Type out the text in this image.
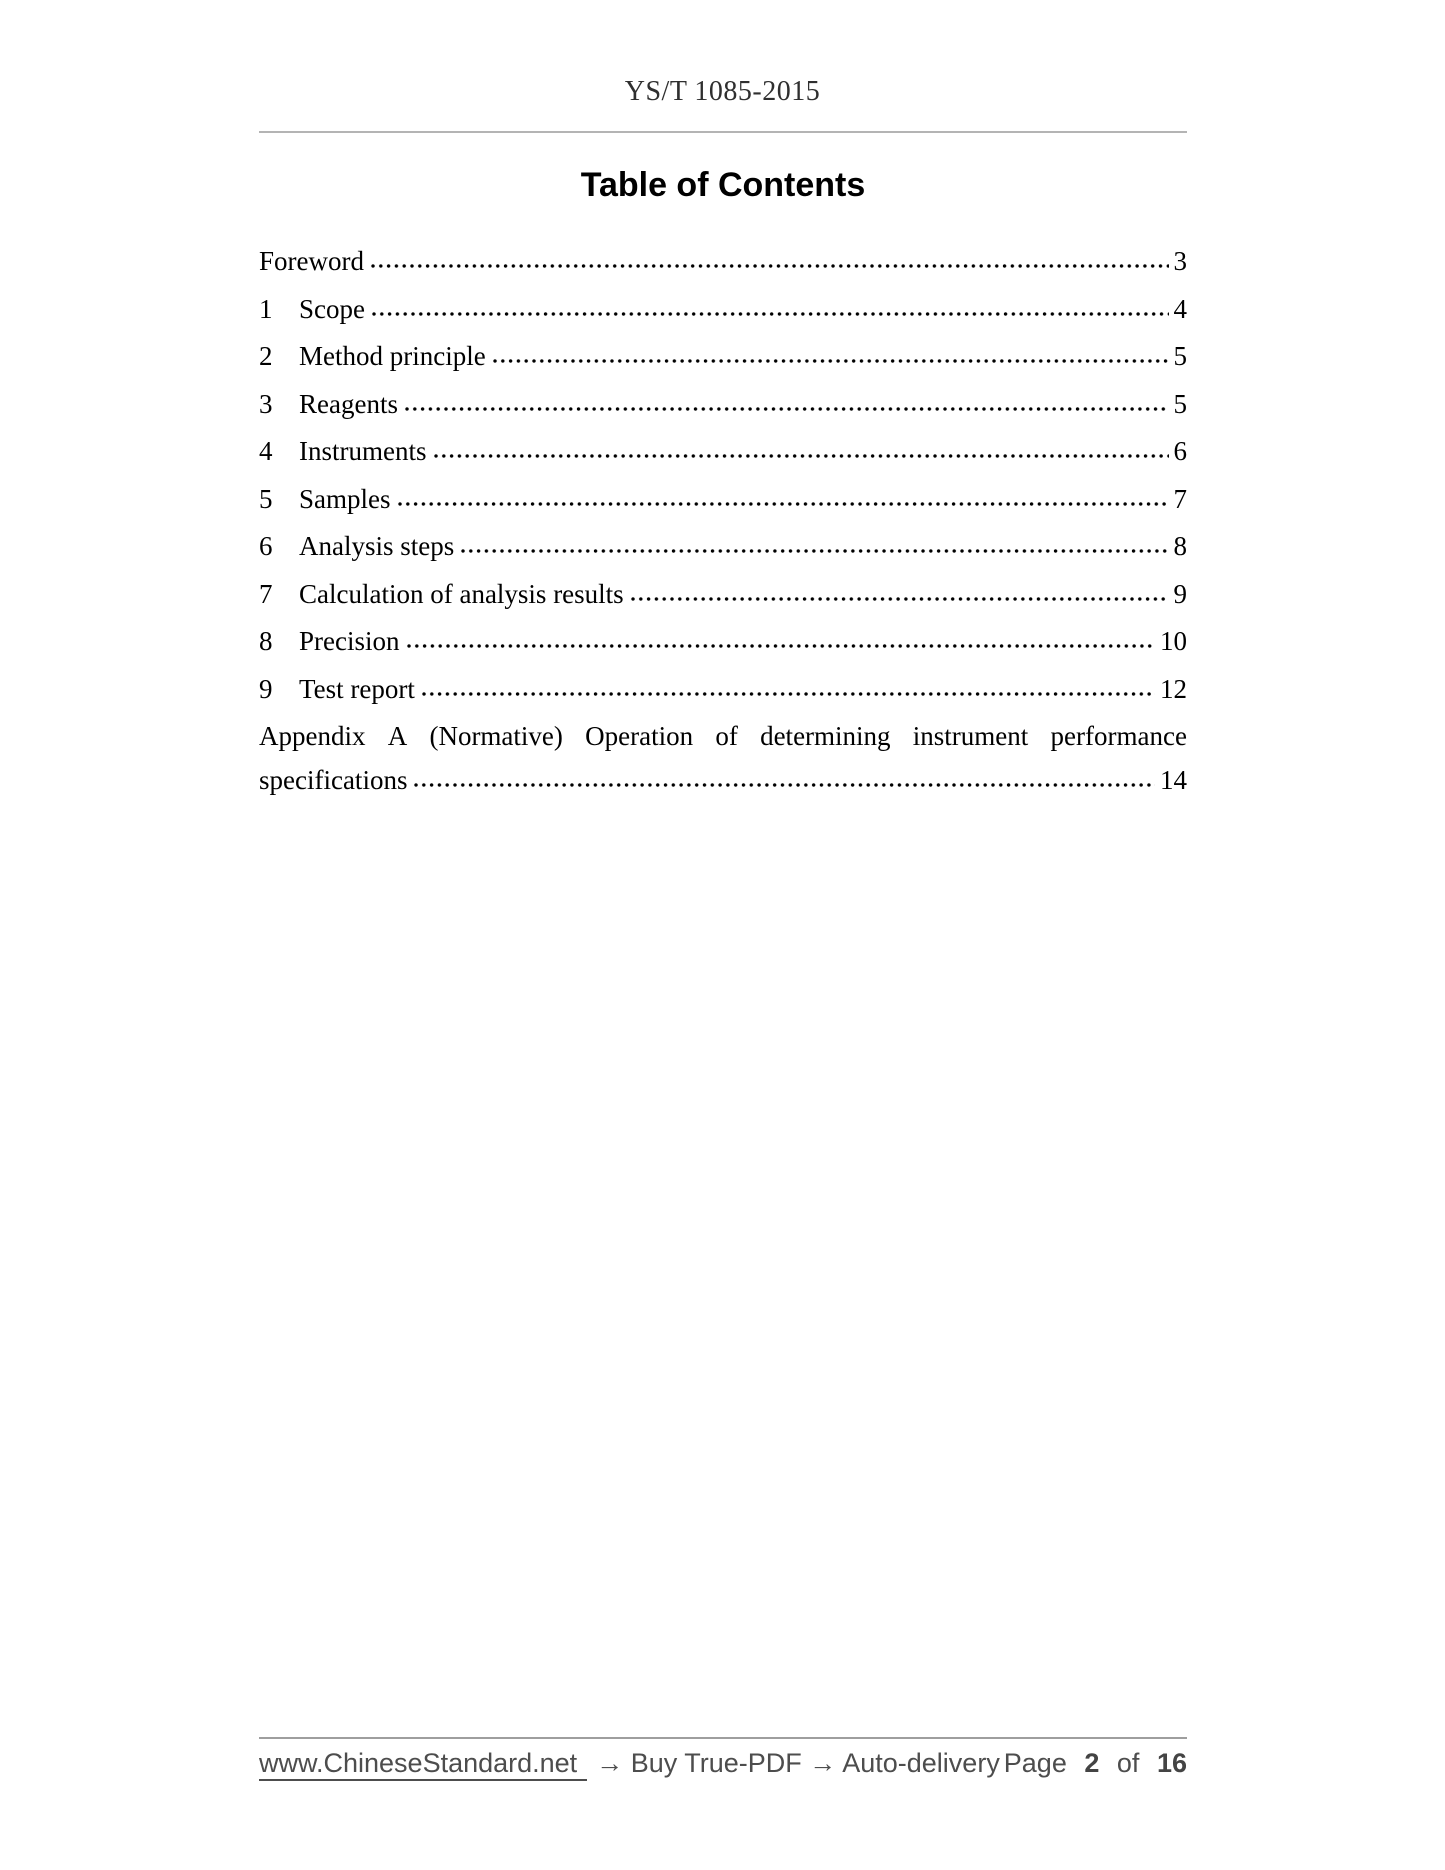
YS/T 1085-2015
Table of Contents
Foreword	3
1 Scope	4
2 Method principle	5
3 Reagents	5
4 Instruments	6
5 Samples	7
6 Analysis steps	8
7 Calculation of analysis results	9
8 Precision	10
9 Test report	12
Appendix A (Normative) Operation of determining instrument performance
specifications	14
www.ChineseStandard.net → Buy True-PDF → Auto-delivery Page 2 of 16
